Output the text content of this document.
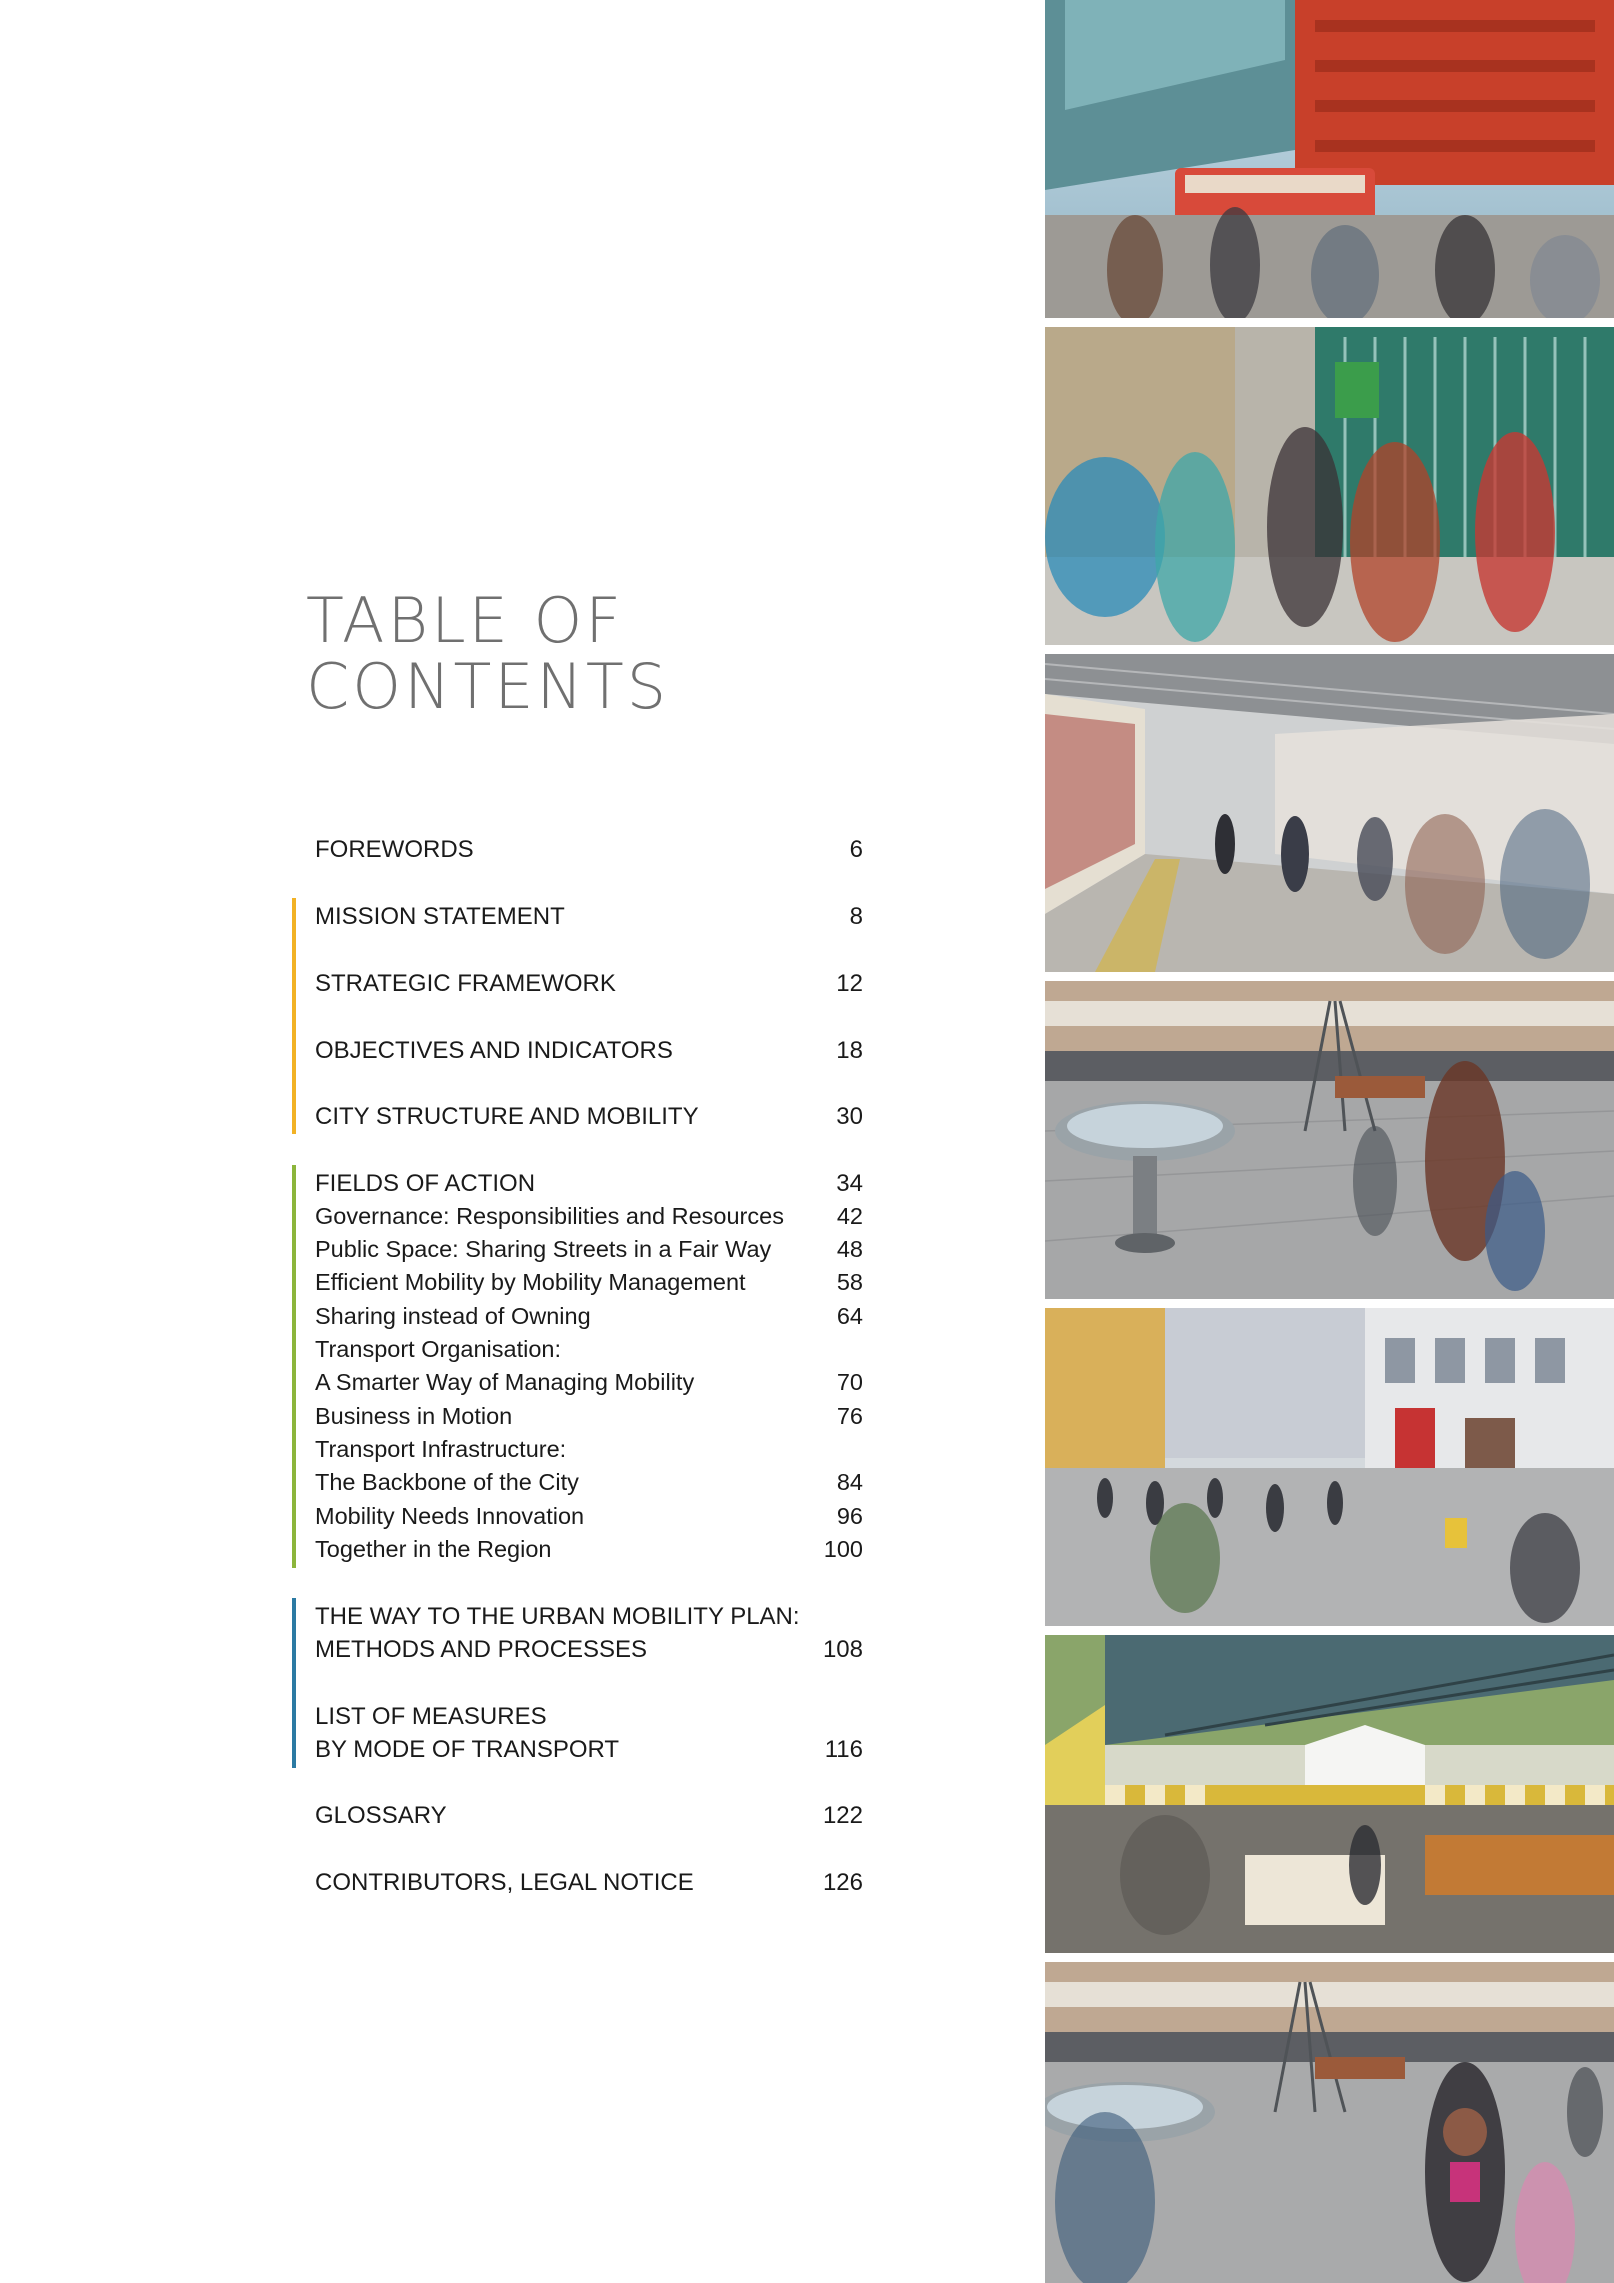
TABLE OF
CONTENTS
FOREWORDS	6
MISSION STATEMENT	8
STRATEGIC FRAMEWORK	12
OBJECTIVES AND INDICATORS	18
CITY STRUCTURE AND MOBILITY	30
FIELDS OF ACTION	34
Governance: Responsibilities and Resources 42
Public Space: Sharing Streets in a Fair Way	48
Efficient Mobility by Mobility Management	58
Sharing instead of Owning	64
Transport Organisation:
A Smarter Way of Managing Mobility	70
Business in Motion	76
Transport Infrastructure:
The Backbone of the City	84
Mobility Needs Innovation	96
Together in the Region	100
THE WAY TO THE URBAN MOBILITY PLAN:
METHODS AND PROCESSES	108
LIST OF MEASURES
BY MODE OF TRANSPORT	116
GLOSSARY	122
CONTRIBUTORS, LEGAL NOTICE	126
